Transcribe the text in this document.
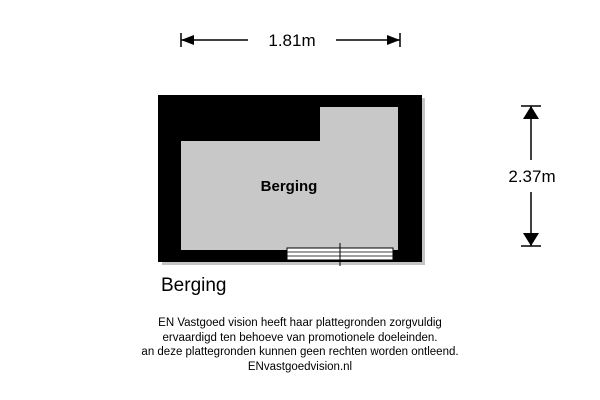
1.81m
2.37m
Berging

Berging

EN Vastgoed vision heeft haar plattegronden zorgvuldig
ervaardigd ten behoeve van promotionele doeleinden.
an deze plattegronden kunnen geen rechten worden ontleend.
ENvastgoedvision.nl
